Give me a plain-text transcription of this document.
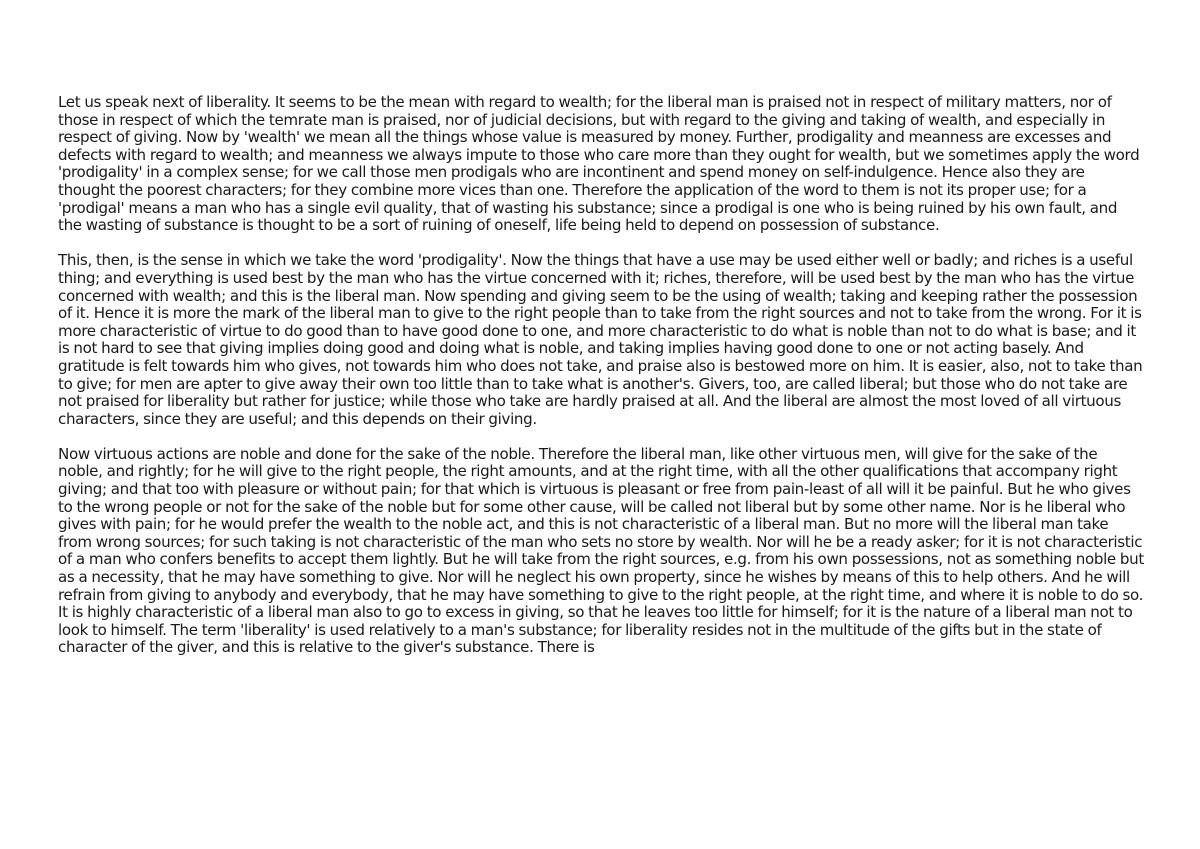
Let us speak next of liberality. It seems to be the mean with regard to wealth; for the liberal man is praised not in respect of military matters, nor of those in respect of which the temrate man is praised, nor of judicial decisions, but with regard to the giving and taking of wealth, and especially in respect of giving. Now by 'wealth' we mean all the things whose value is measured by money. Further, prodigality and meanness are excesses and defects with regard to wealth; and meanness we always impute to those who care more than they ought for wealth, but we sometimes apply the word 'prodigality' in a complex sense; for we call those men prodigals who are incontinent and spend money on self-indulgence. Hence also they are thought the poorest characters; for they combine more vices than one. Therefore the application of the word to them is not its proper use; for a 'prodigal' means a man who has a single evil quality, that of wasting his substance; since a prodigal is one who is being ruined by his own fault, and the wasting of substance is thought to be a sort of ruining of oneself, life being held to depend on possession of substance.

This, then, is the sense in which we take the word 'prodigality'. Now the things that have a use may be used either well or badly; and riches is a useful thing; and everything is used best by the man who has the virtue concerned with it; riches, therefore, will be used best by the man who has the virtue concerned with wealth; and this is the liberal man. Now spending and giving seem to be the using of wealth; taking and keeping rather the possession of it. Hence it is more the mark of the liberal man to give to the right people than to take from the right sources and not to take from the wrong. For it is more characteristic of virtue to do good than to have good done to one, and more characteristic to do what is noble than not to do what is base; and it is not hard to see that giving implies doing good and doing what is noble, and taking implies having good done to one or not acting basely. And gratitude is felt towards him who gives, not towards him who does not take, and praise also is bestowed more on him. It is easier, also, not to take than to give; for men are apter to give away their own too little than to take what is another's. Givers, too, are called liberal; but those who do not take are not praised for liberality but rather for justice; while those who take are hardly praised at all. And the liberal are almost the most loved of all virtuous characters, since they are useful; and this depends on their giving.

Now virtuous actions are noble and done for the sake of the noble. Therefore the liberal man, like other virtuous men, will give for the sake of the noble, and rightly; for he will give to the right people, the right amounts, and at the right time, with all the other qualifications that accompany right giving; and that too with pleasure or without pain; for that which is virtuous is pleasant or free from pain-least of all will it be painful. But he who gives to the wrong people or not for the sake of the noble but for some other cause, will be called not liberal but by some other name. Nor is he liberal who gives with pain; for he would prefer the wealth to the noble act, and this is not characteristic of a liberal man. But no more will the liberal man take from wrong sources; for such taking is not characteristic of the man who sets no store by wealth. Nor will he be a ready asker; for it is not characteristic of a man who confers benefits to accept them lightly. But he will take from the right sources, e.g. from his own possessions, not as something noble but as a necessity, that he may have something to give. Nor will he neglect his own property, since he wishes by means of this to help others. And he will refrain from giving to anybody and everybody, that he may have something to give to the right people, at the right time, and where it is noble to do so. It is highly characteristic of a liberal man also to go to excess in giving, so that he leaves too little for himself; for it is the nature of a liberal man not to look to himself. The term 'liberality' is used relatively to a man's substance; for liberality resides not in the multitude of the gifts but in the state of character of the giver, and this is relative to the giver's substance. There is
